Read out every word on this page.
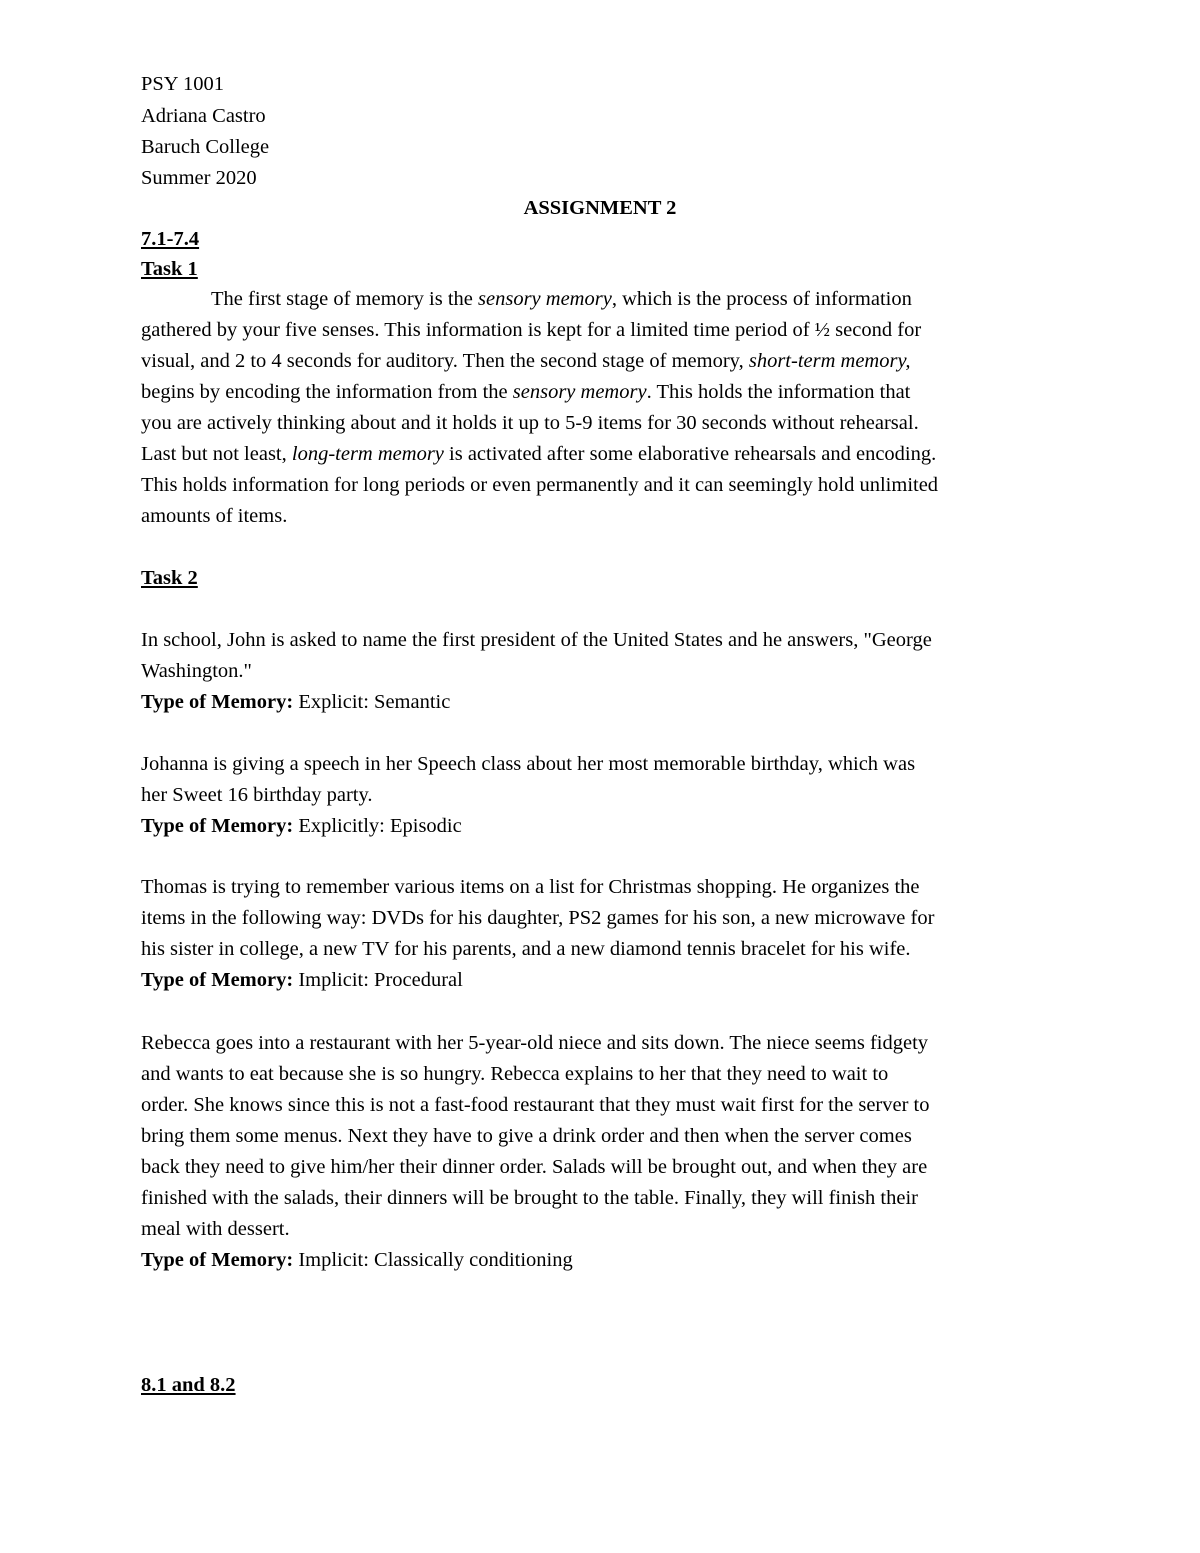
PSY 1001
Adriana Castro
Baruch College
Summer 2020
ASSIGNMENT 2
7.1-7.4
Task 1
The first stage of memory is the sensory memory, which is the process of information
gathered by your five senses. This information is kept for a limited time period of ½ second for
visual, and 2 to 4 seconds for auditory. Then the second stage of memory, short-term memory,
begins by encoding the information from the sensory memory. This holds the information that
you are actively thinking about and it holds it up to 5-9 items for 30 seconds without rehearsal.
Last but not least, long-term memory is activated after some elaborative rehearsals and encoding.
This holds information for long periods or even permanently and it can seemingly hold unlimited
amounts of items.
Task 2
In school, John is asked to name the first president of the United States and he answers, "George
Washington."
Type of Memory: Explicit: Semantic
Johanna is giving a speech in her Speech class about her most memorable birthday, which was
her Sweet 16 birthday party.
Type of Memory: Explicitly: Episodic
Thomas is trying to remember various items on a list for Christmas shopping. He organizes the
items in the following way: DVDs for his daughter, PS2 games for his son, a new microwave for
his sister in college, a new TV for his parents, and a new diamond tennis bracelet for his wife.
Type of Memory: Implicit: Procedural
Rebecca goes into a restaurant with her 5-year-old niece and sits down. The niece seems fidgety
and wants to eat because she is so hungry. Rebecca explains to her that they need to wait to
order. She knows since this is not a fast-food restaurant that they must wait first for the server to
bring them some menus. Next they have to give a drink order and then when the server comes
back they need to give him/her their dinner order. Salads will be brought out, and when they are
finished with the salads, their dinners will be brought to the table. Finally, they will finish their
meal with dessert.
Type of Memory: Implicit: Classically conditioning
8.1 and 8.2
